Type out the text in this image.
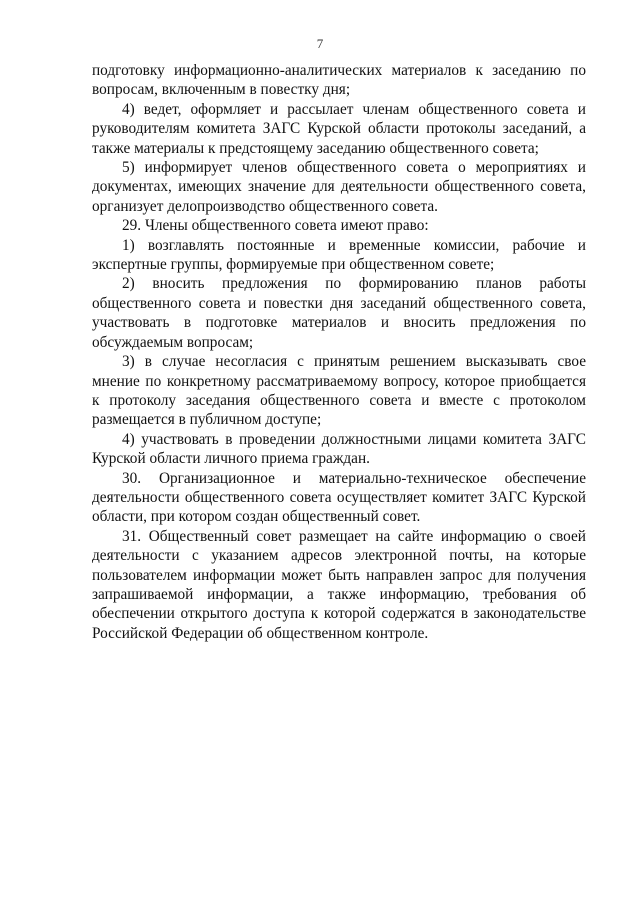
7

подготовку информационно-аналитических материалов к заседанию по вопросам, включенным в повестку дня;

4) ведет, оформляет и рассылает членам общественного совета и руководителям комитета ЗАГС Курской области протоколы заседаний, а также материалы к предстоящему заседанию общественного совета;

5) информирует членов общественного совета о мероприятиях и документах, имеющих значение для деятельности общественного совета, организует делопроизводство общественного совета.

29. Члены общественного совета имеют право:

1) возглавлять постоянные и временные комиссии, рабочие и экспертные группы, формируемые при общественном совете;

2) вносить предложения по формированию планов работы общественного совета и повестки дня заседаний общественного совета, участвовать в подготовке материалов и вносить предложения по обсуждаемым вопросам;

3) в случае несогласия с принятым решением высказывать свое мнение по конкретному рассматриваемому вопросу, которое приобщается к протоколу заседания общественного совета и вместе с протоколом размещается в публичном доступе;

4) участвовать в проведении должностными лицами комитета ЗАГС Курской области личного приема граждан.

30. Организационное и материально-техническое обеспечение деятельности общественного совета осуществляет комитет ЗАГС Курской области, при котором создан общественный совет.

31. Общественный совет размещает на сайте информацию о своей деятельности с указанием адресов электронной почты, на которые пользователем информации может быть направлен запрос для получения запрашиваемой информации, а также информацию, требования об обеспечении открытого доступа к которой содержатся в законодательстве Российской Федерации об общественном контроле.
